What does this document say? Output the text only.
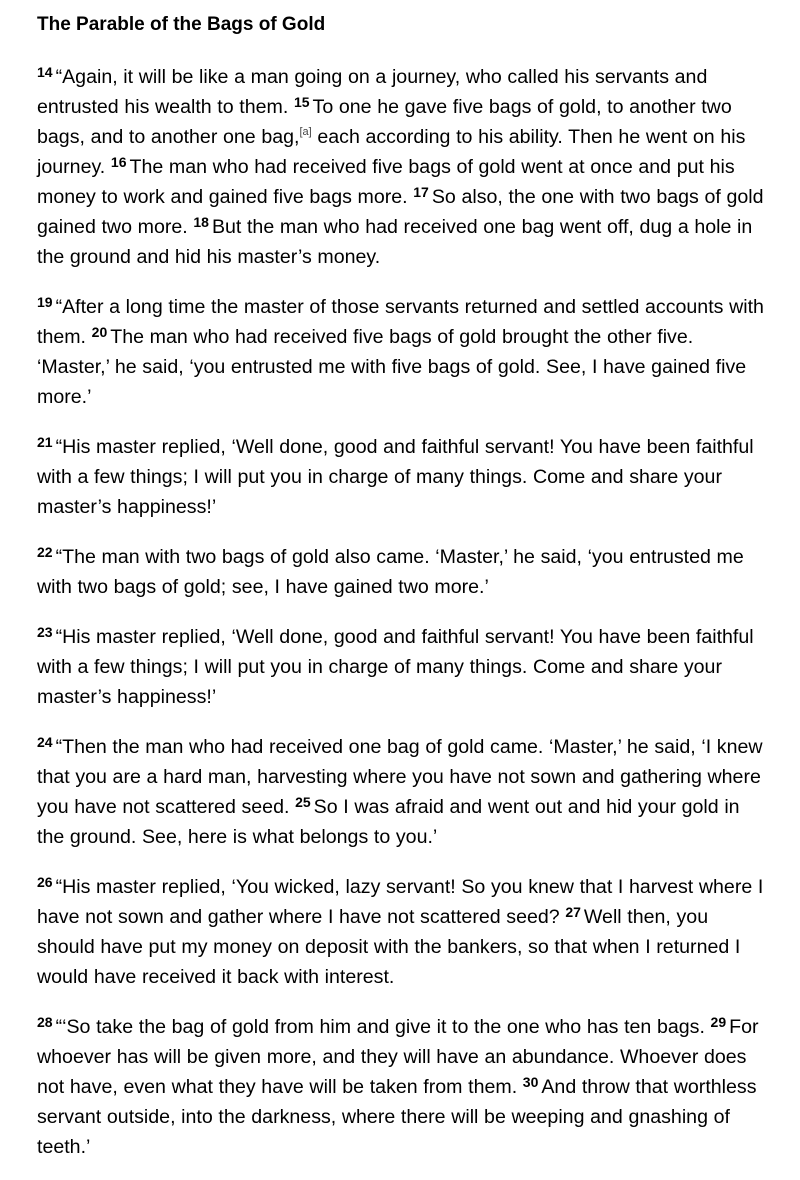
The Parable of the Bags of Gold

$^{14}$ “Again, it will be like a man going on a journey, who called his servants and entrusted his wealth to them. $^{15}$ To one he gave five bags of gold, to another two bags, and to another one bag,[a] each according to his ability. Then he went on his journey. $^{16}$ The man who had received five bags of gold went at once and put his money to work and gained five bags more. $^{17}$ So also, the one with two bags of gold gained two more. $^{18}$ But the man who had received one bag went off, dug a hole in the ground and hid his master’s money.

$^{19}$ “After a long time the master of those servants returned and settled accounts with them. $^{20}$ The man who had received five bags of gold brought the other five. ‘Master,’ he said, ‘you entrusted me with five bags of gold. See, I have gained five more.’

$^{21}$ “His master replied, ‘Well done, good and faithful servant! You have been faithful with a few things; I will put you in charge of many things. Come and share your master’s happiness!’

$^{22}$ “The man with two bags of gold also came. ‘Master,’ he said, ‘you entrusted me with two bags of gold; see, I have gained two more.’

$^{23}$ “His master replied, ‘Well done, good and faithful servant! You have been faithful with a few things; I will put you in charge of many things. Come and share your master’s happiness!’

$^{24}$ “Then the man who had received one bag of gold came. ‘Master,’ he said, ‘I knew that you are a hard man, harvesting where you have not sown and gathering where you have not scattered seed. $^{25}$ So I was afraid and went out and hid your gold in the ground. See, here is what belongs to you.’

$^{26}$ “His master replied, ‘You wicked, lazy servant! So you knew that I harvest where I have not sown and gather where I have not scattered seed? $^{27}$ Well then, you should have put my money on deposit with the bankers, so that when I returned I would have received it back with interest.

$^{28}$ “‘So take the bag of gold from him and give it to the one who has ten bags. $^{29}$ For whoever has will be given more, and they will have an abundance. Whoever does not have, even what they have will be taken from them. $^{30}$ And throw that worthless servant outside, into the darkness, where there will be weeping and gnashing of teeth.’
